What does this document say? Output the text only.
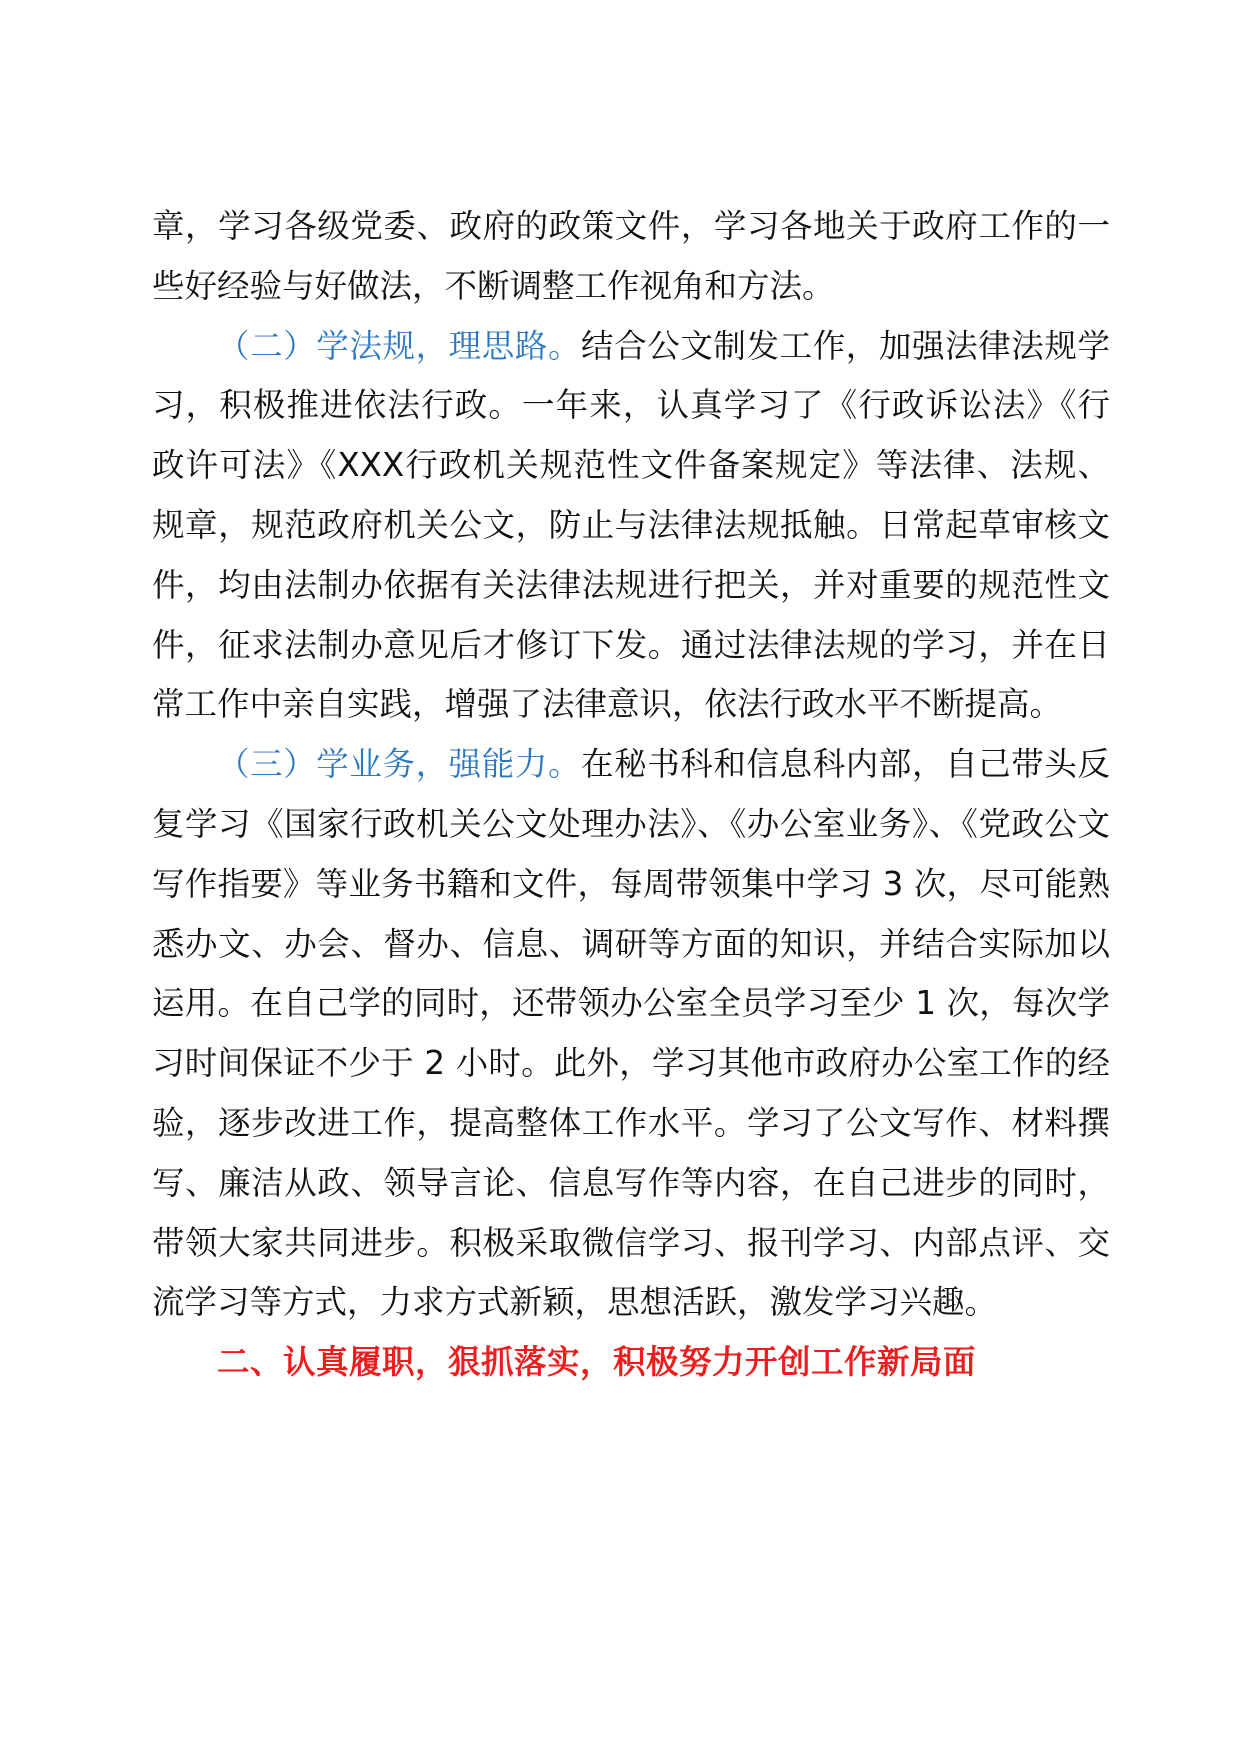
章，学习各级党委、政府的政策文件，学习各地关于政府工作的一些好经验与好做法，不断调整工作视角和方法。

（二）学法规，理思路。结合公文制发工作，加强法律法规学习，积极推进依法行政。一年来，认真学习了《行政诉讼法》《行政许可法》《XXX行政机关规范性文件备案规定》等法律、法规、规章，规范政府机关公文，防止与法律法规抵触。日常起草审核文件，均由法制办依据有关法律法规进行把关，并对重要的规范性文件，征求法制办意见后才修订下发。通过法律法规的学习，并在日常工作中亲自实践，增强了法律意识，依法行政水平不断提高。

（三）学业务，强能力。在秘书科和信息科内部，自己带头反复学习《国家行政机关公文处理办法》、《办公室业务》、《党政公文写作指要》等业务书籍和文件，每周带领集中学习 3 次，尽可能熟悉办文、办会、督办、信息、调研等方面的知识，并结合实际加以运用。在自己学的同时，还带领办公室全员学习至少 1 次，每次学习时间保证不少于 2 小时。此外，学习其他市政府办公室工作的经验，逐步改进工作，提高整体工作水平。学习了公文写作、材料撰写、廉洁从政、领导言论、信息写作等内容，在自己进步的同时，带领大家共同进步。积极采取微信学习、报刊学习、内部点评、交流学习等方式，力求方式新颖，思想活跃，激发学习兴趣。

二、认真履职，狠抓落实，积极努力开创工作新局面
